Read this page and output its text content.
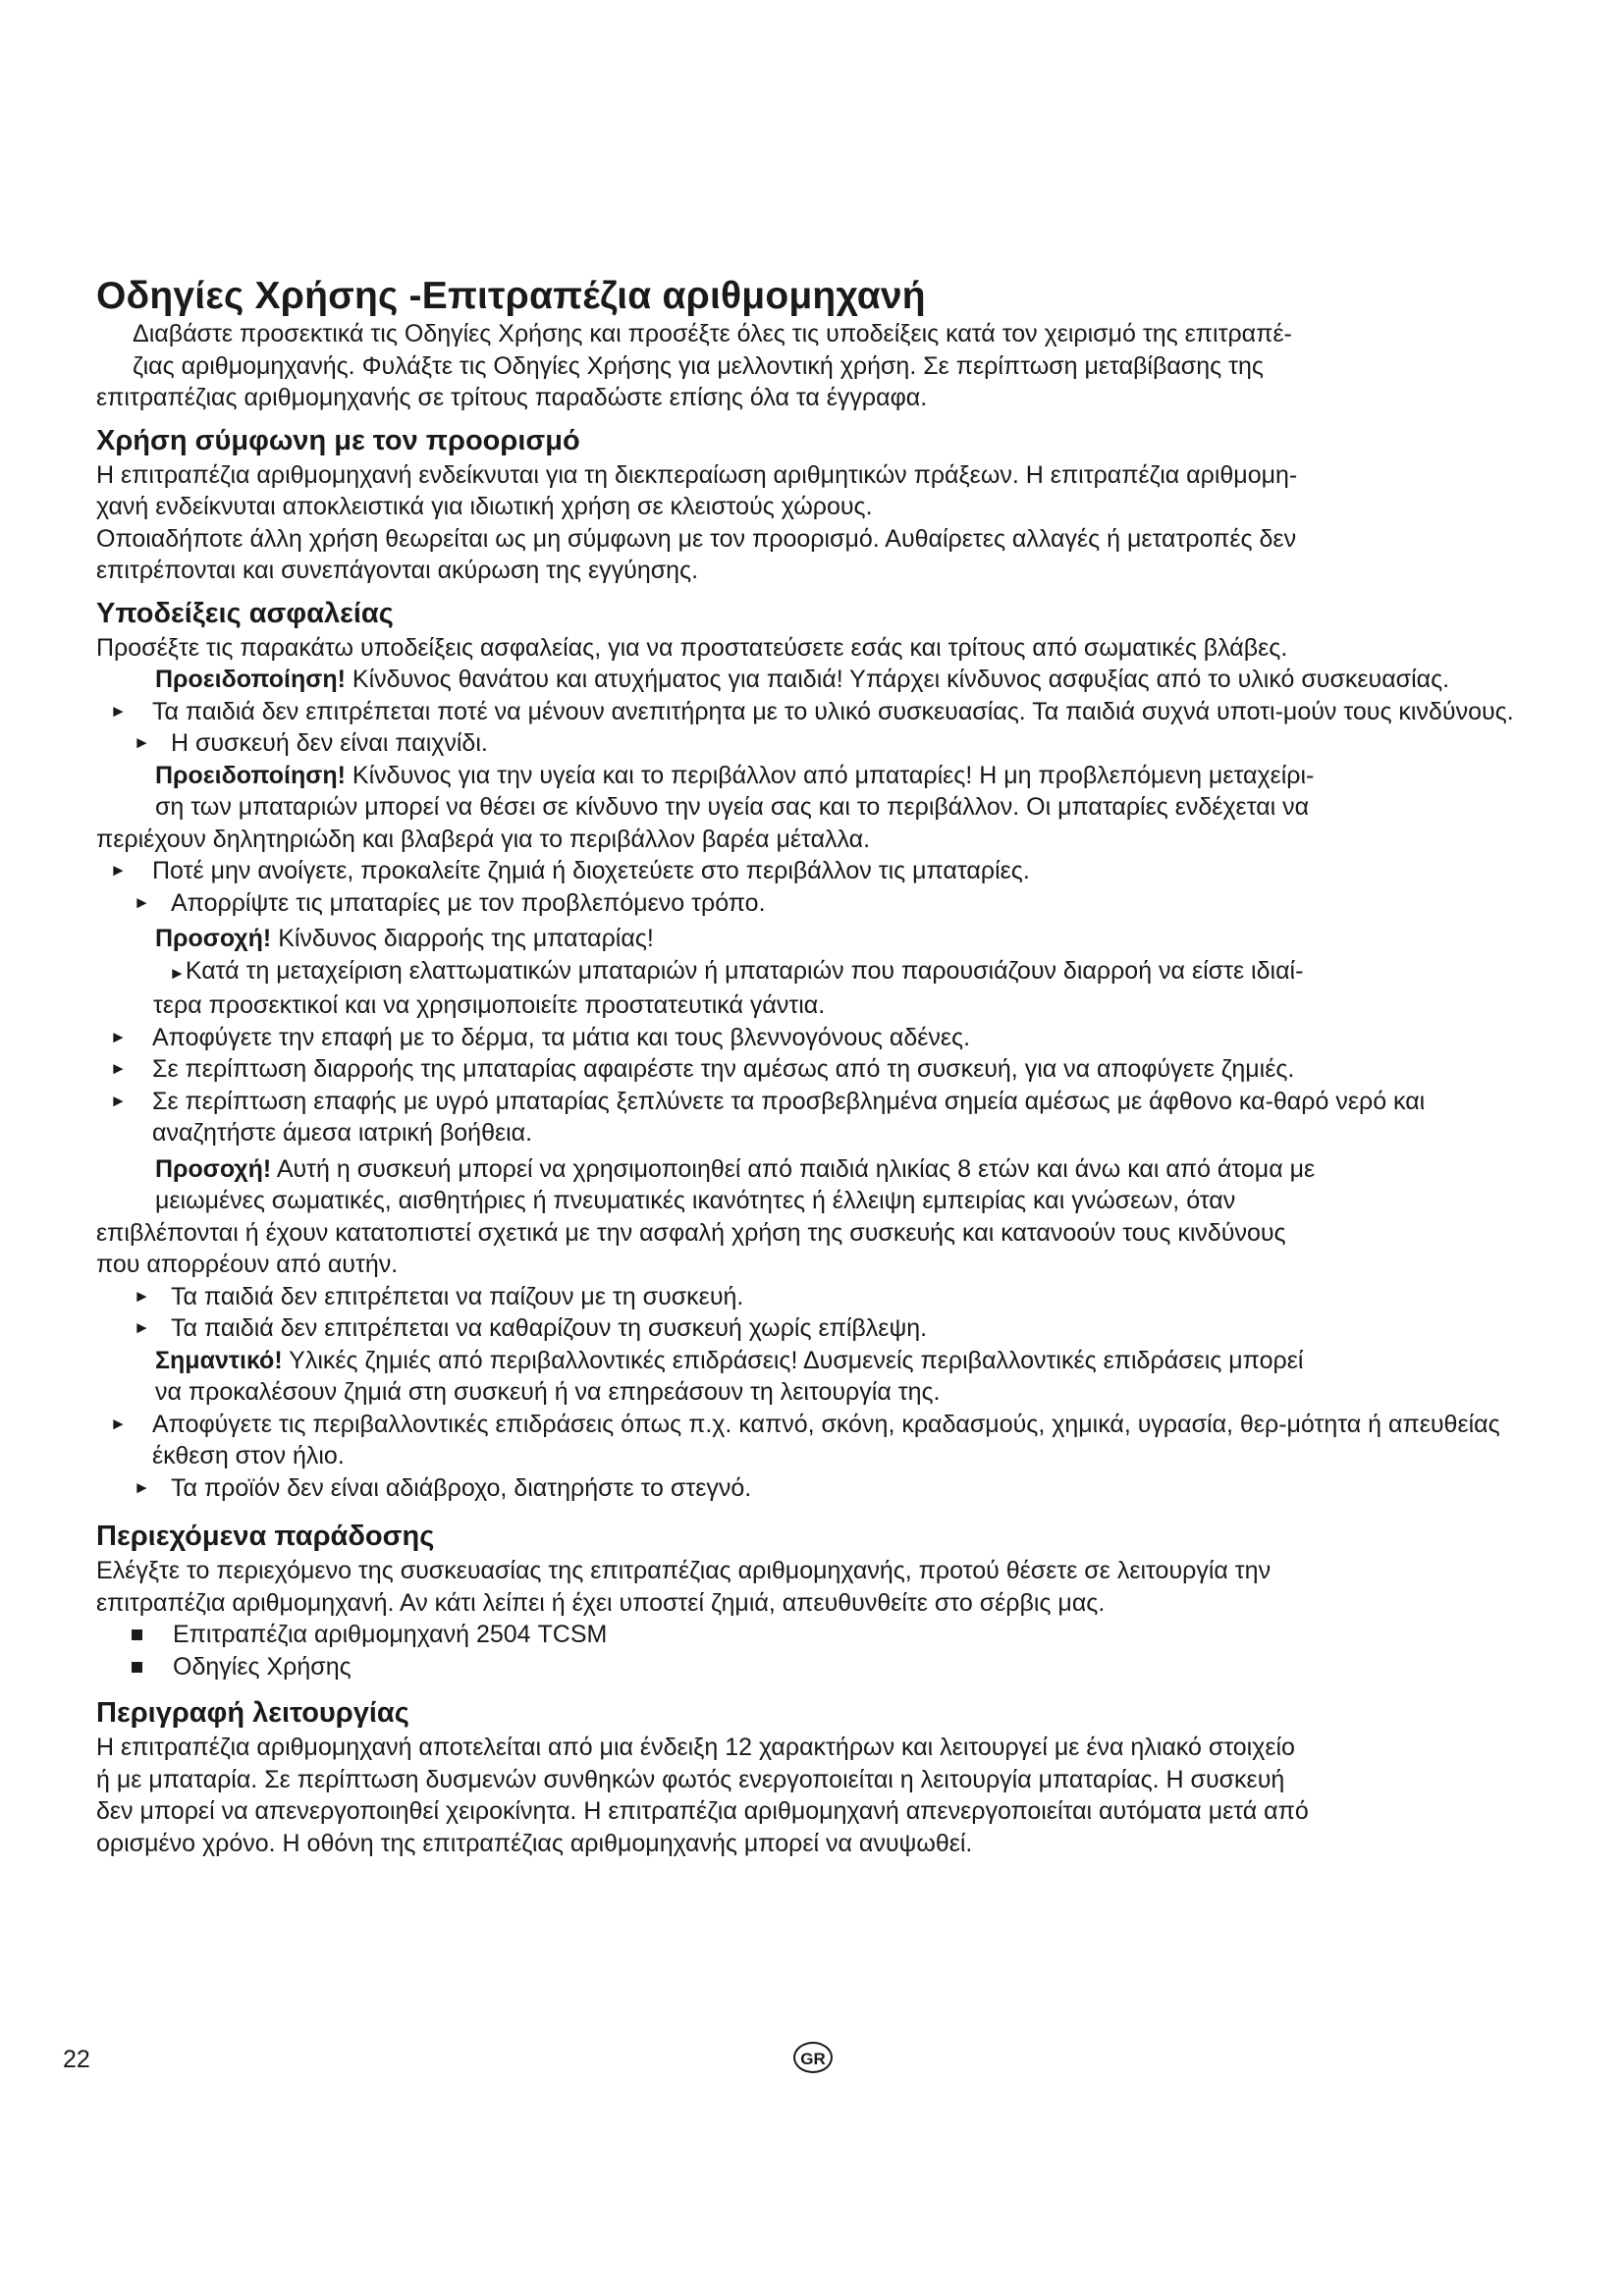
Οδηγίες Χρήσης -Επιτραπέζια αριθμομηχανή

Διαβάστε προσεκτικά τις Οδηγίες Χρήσης και προσέξτε όλες τις υποδείξεις κατά τον χειρισμό της επιτραπέ-

ζιας αριθμομηχανής. Φυλάξτε τις Οδηγίες Χρήσης για μελλοντική χρήση. Σε περίπτωση μεταβίβασης της

επιτραπέζιας αριθμομηχανής σε τρίτους παραδώστε επίσης όλα τα έγγραφα.

Χρήση σύμφωνη με τον προορισμό

Η επιτραπέζια αριθμομηχανή ενδείκνυται για τη διεκπεραίωση αριθμητικών πράξεων. Η επιτραπέζια αριθμομη-

χανή ενδείκνυται αποκλειστικά για ιδιωτική χρήση σε κλειστούς χώρους.

Οποιαδήποτε άλλη χρήση θεωρείται ως μη σύμφωνη με τον προορισμό. Αυθαίρετες αλλαγές ή μετατροπές δεν

επιτρέπονται και συνεπάγονται ακύρωση της εγγύησης.

Υποδείξεις ασφαλείας

Προσέξτε τις παρακάτω υποδείξεις ασφαλείας, για να προστατεύσετε εσάς και τρίτους από σωματικές βλάβες.

Προειδοποίηση! Κίνδυνος θανάτου και ατυχήματος για παιδιά! Υπάρχει κίνδυνος ασφυξίας από το υλικό συσκευασίας.

► Τα παιδιά δεν επιτρέπεται ποτέ να μένουν ανεπιτήρητα με το υλικό συσκευασίας. Τα παιδιά συχνά υποτι-μούν τους κινδύνους.
► Η συσκευή δεν είναι παιχνίδι.

Προειδοποίηση! Κίνδυνος για την υγεία και το περιβάλλον από μπαταρίες! Η μη προβλεπόμενη μεταχείρι-

ση των μπαταριών μπορεί να θέσει σε κίνδυνο την υγεία σας και το περιβάλλον. Οι μπαταρίες ενδέχεται να

περιέχουν δηλητηριώδη και βλαβερά για το περιβάλλον βαρέα μέταλλα.

► Ποτέ μην ανοίγετε, προκαλείτε ζημιά ή διοχετεύετε στο περιβάλλον τις μπαταρίες.
► Απορρίψτε τις μπαταρίες με τον προβλεπόμενο τρόπο.

Προσοχή! Κίνδυνος διαρροής της μπαταρίας!

►Κατά τη μεταχείριση ελαττωματικών μπαταριών ή μπαταριών που παρουσιάζουν διαρροή να είστε ιδιαί-

τερα προσεκτικοί και να χρησιμοποιείτε προστατευτικά γάντια.

► Αποφύγετε την επαφή με το δέρμα, τα μάτια και τους βλεννογόνους αδένες.
► Σε περίπτωση διαρροής της μπαταρίας αφαιρέστε την αμέσως από τη συσκευή, για να αποφύγετε ζημιές.
► Σε περίπτωση επαφής με υγρό μπαταρίας ξεπλύνετε τα προσβεβλημένα σημεία αμέσως με άφθονο κα-θαρό νερό και αναζητήστε άμεσα ιατρική βοήθεια.

Προσοχή! Αυτή η συσκευή μπορεί να χρησιμοποιηθεί από παιδιά ηλικίας 8 ετών και άνω και από άτομα με

μειωμένες σωματικές, αισθητήριες ή πνευματικές ικανότητες ή έλλειψη εμπειρίας και γνώσεων, όταν

επιβλέπονται ή έχουν κατατοπιστεί σχετικά με την ασφαλή χρήση της συσκευής και κατανοούν τους κινδύνους

που απορρέουν από αυτήν.

► Τα παιδιά δεν επιτρέπεται να παίζουν με τη συσκευή.
► Τα παιδιά δεν επιτρέπεται να καθαρίζουν τη συσκευή χωρίς επίβλεψη.

Σημαντικό! Υλικές ζημιές από περιβαλλοντικές επιδράσεις! Δυσμενείς περιβαλλοντικές επιδράσεις μπορεί

να προκαλέσουν ζημιά στη συσκευή ή να επηρεάσουν τη λειτουργία της.

► Αποφύγετε τις περιβαλλοντικές επιδράσεις όπως π.χ. καπνό, σκόνη, κραδασμούς, χημικά, υγρασία, θερ-μότητα ή απευθείας έκθεση στον ήλιο.
► Τα προϊόν δεν είναι αδιάβροχο, διατηρήστε το στεγνό.
Περιεχόμενα παράδοσης

Ελέγξτε το περιεχόμενο της συσκευασίας της επιτραπέζιας αριθμομηχανής, προτού θέσετε σε λειτουργία την

επιτραπέζια αριθμομηχανή. Αν κάτι λείπει ή έχει υποστεί ζημιά, απευθυνθείτε στο σέρβις μας.

Επιτραπέζια αριθμομηχανή 2504 TCSM
Οδηγίες Χρήσης
Περιγραφή λειτουργίας

Η επιτραπέζια αριθμομηχανή αποτελείται από μια ένδειξη 12 χαρακτήρων και λειτουργεί με ένα ηλιακό στοιχείο

ή με μπαταρία. Σε περίπτωση δυσμενών συνθηκών φωτός ενεργοποιείται η λειτουργία μπαταρίας. Η συσκευή

δεν μπορεί να απενεργοποιηθεί χειροκίνητα. Η επιτραπέζια αριθμομηχανή απενεργοποιείται αυτόματα μετά από

ορισμένο χρόνο. Η οθόνη της επιτραπέζιας αριθμομηχανής μπορεί να ανυψωθεί.

22	GR
